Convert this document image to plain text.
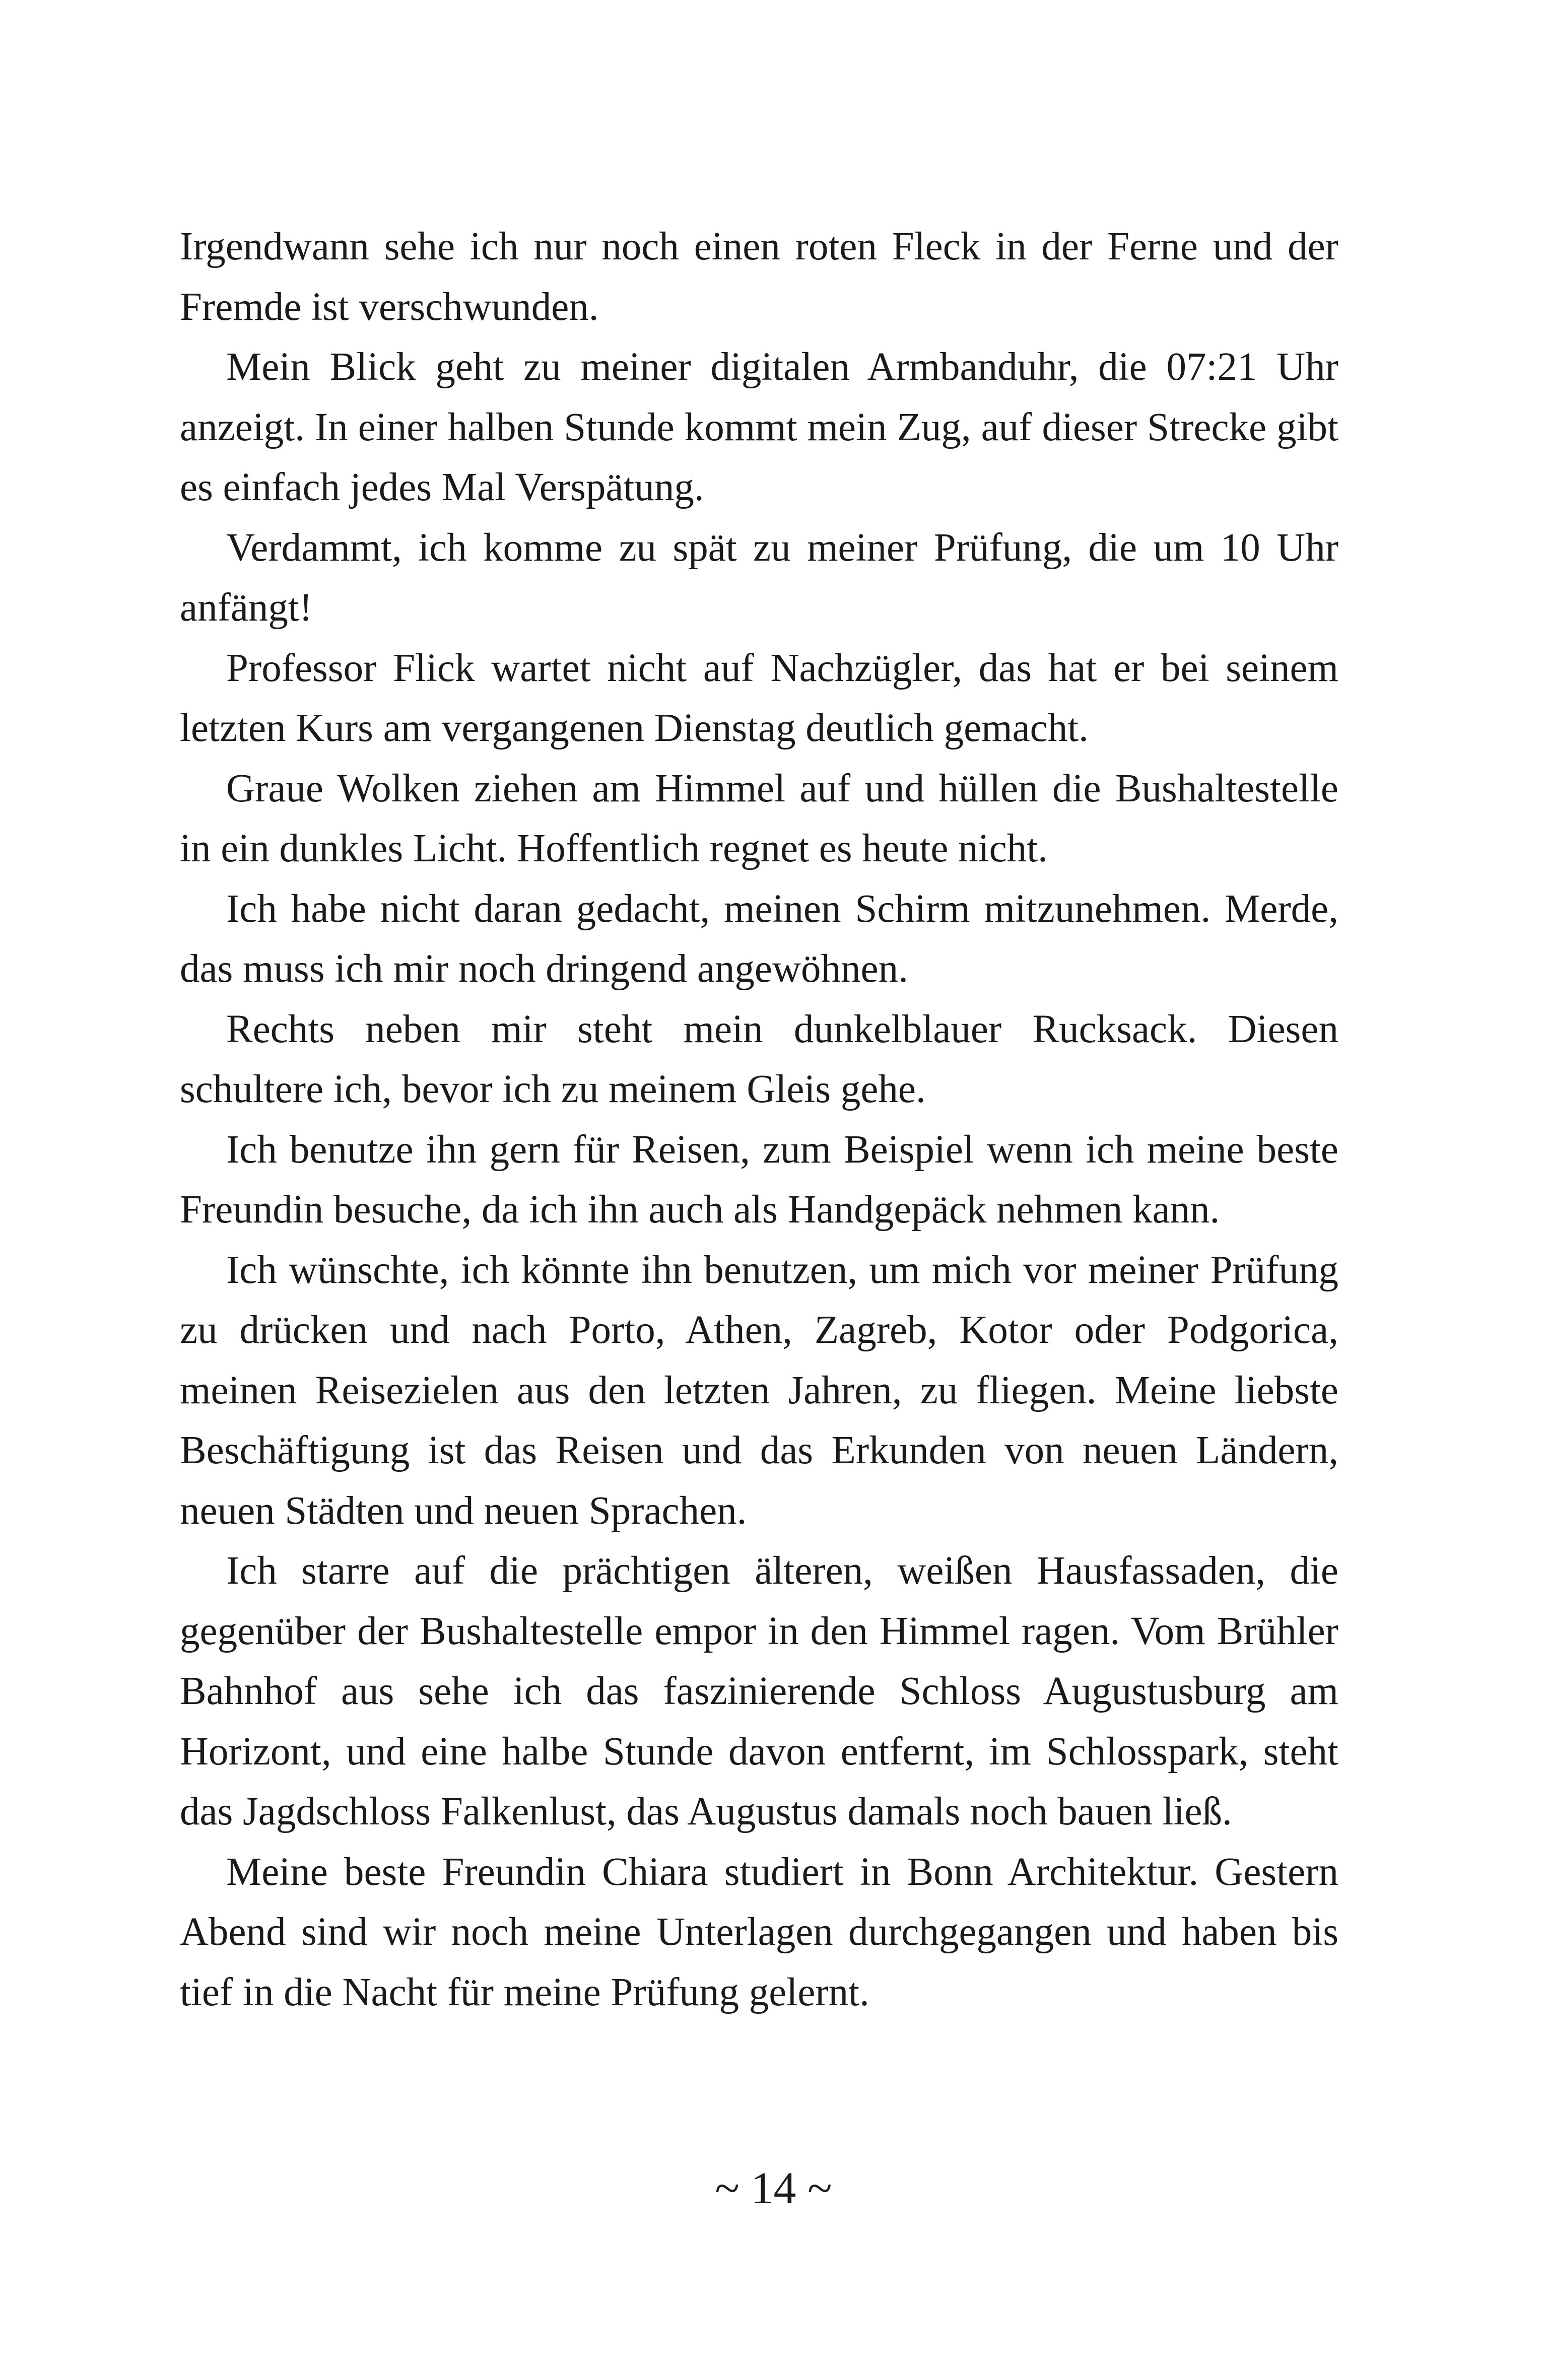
Irgendwann sehe ich nur noch einen roten Fleck in der Ferne und der Fremde ist verschwunden.

Mein Blick geht zu meiner digitalen Armbanduhr, die 07:21 Uhr anzeigt. In einer halben Stunde kommt mein Zug, auf dieser Strecke gibt es einfach jedes Mal Verspätung.

Verdammt, ich komme zu spät zu meiner Prüfung, die um 10 Uhr anfängt!

Professor Flick wartet nicht auf Nachzügler, das hat er bei seinem letzten Kurs am vergangenen Dienstag deutlich gemacht.

Graue Wolken ziehen am Himmel auf und hüllen die Bushaltestelle in ein dunkles Licht. Hoffentlich regnet es heute nicht.

Ich habe nicht daran gedacht, meinen Schirm mitzunehmen. Merde, das muss ich mir noch dringend angewöhnen.

Rechts neben mir steht mein dunkelblauer Rucksack. Diesen schultere ich, bevor ich zu meinem Gleis gehe.

Ich benutze ihn gern für Reisen, zum Beispiel wenn ich meine beste Freundin besuche, da ich ihn auch als Handgepäck nehmen kann.

Ich wünschte, ich könnte ihn benutzen, um mich vor meiner Prüfung zu drücken und nach Porto, Athen, Zagreb, Kotor oder Podgorica, meinen Reisezielen aus den letzten Jahren, zu fliegen. Meine liebste Beschäftigung ist das Reisen und das Erkunden von neuen Ländern, neuen Städten und neuen Sprachen.

Ich starre auf die prächtigen älteren, weißen Hausfassaden, die gegenüber der Bushaltestelle empor in den Himmel ragen. Vom Brühler Bahnhof aus sehe ich das faszinierende Schloss Augustusburg am Horizont, und eine halbe Stunde davon entfernt, im Schlosspark, steht das Jagdschloss Falkenlust, das Augustus damals noch bauen ließ.

Meine beste Freundin Chiara studiert in Bonn Architektur. Gestern Abend sind wir noch meine Unterlagen durchgegangen und haben bis tief in die Nacht für meine Prüfung gelernt.

~ 14 ~
